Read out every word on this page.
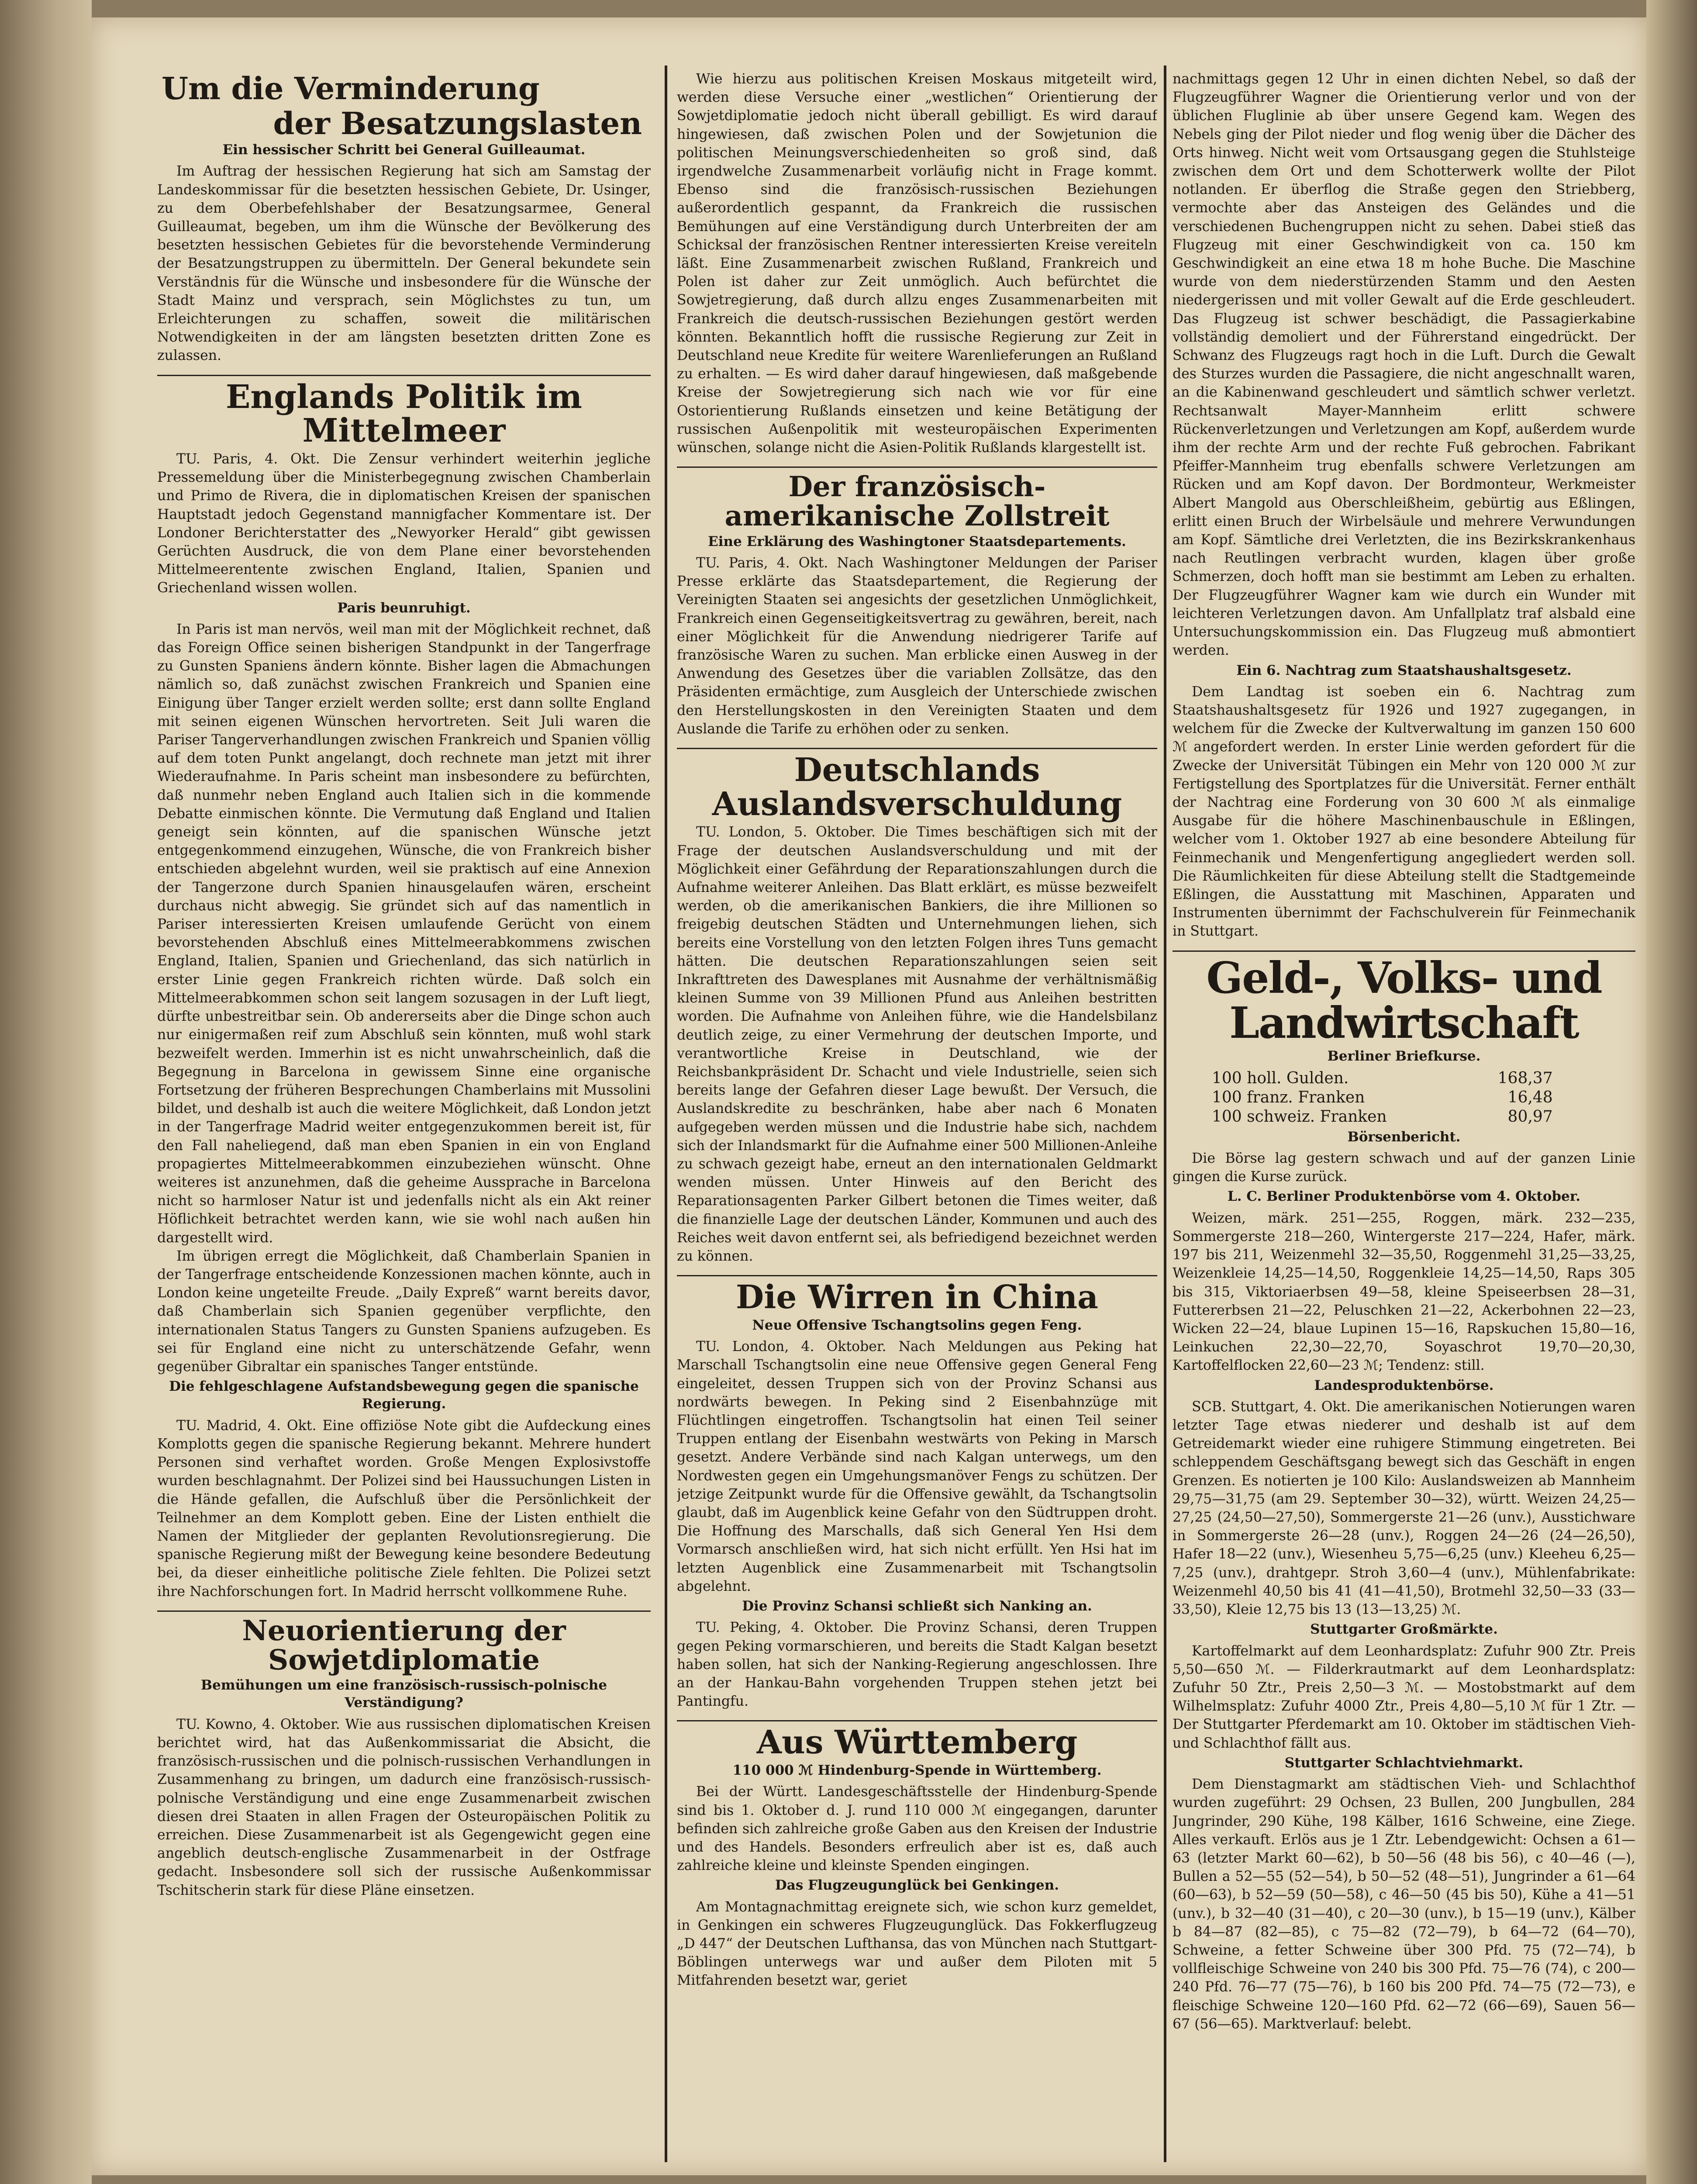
Um die Verminderung
der Besatzungslasten
Ein hessischer Schritt bei General Guilleaumat.

Im Auftrag der hessischen Regierung hat sich am Samstag der Landeskommissar für die besetzten hessischen Gebiete, Dr. Usinger, zu dem Oberbefehlshaber der Besatzungsarmee, General Guilleaumat, begeben, um ihm die Wünsche der Bevölkerung des besetzten hessischen Gebietes für die bevorstehende Verminderung der Besatzungstruppen zu übermitteln. Der General bekundete sein Verständnis für die Wünsche und insbesondere für die Wünsche der Stadt Mainz und versprach, sein Möglichstes zu tun, um Erleichterungen zu schaffen, soweit die militärischen Notwendigkeiten in der am längsten besetzten dritten Zone es zulassen.

Englands Politik im Mittelmeer

TU. Paris, 4. Okt. Die Zensur verhindert weiterhin jegliche Pressemeldung über die Ministerbegegnung zwischen Chamberlain und Primo de Rivera, die in diplomatischen Kreisen der spanischen Hauptstadt jedoch Gegenstand mannigfacher Kommentare ist. Der Londoner Berichterstatter des „Newyorker Herald“ gibt gewissen Gerüchten Ausdruck, die von dem Plane einer bevorstehenden Mittelmeerentente zwischen England, Italien, Spanien und Griechenland wissen wollen.

Paris beunruhigt.

In Paris ist man nervös, weil man mit der Möglichkeit rechnet, daß das Foreign Office seinen bisherigen Standpunkt in der Tangerfrage zu Gunsten Spaniens ändern könnte. Bisher lagen die Abmachungen nämlich so, daß zunächst zwischen Frankreich und Spanien eine Einigung über Tanger erzielt werden sollte; erst dann sollte England mit seinen eigenen Wünschen hervortreten. Seit Juli waren die Pariser Tangerverhandlungen zwischen Frankreich und Spanien völlig auf dem toten Punkt angelangt, doch rechnete man jetzt mit ihrer Wiederaufnahme. In Paris scheint man insbesondere zu befürchten, daß nunmehr neben England auch Italien sich in die kommende Debatte einmischen könnte. Die Vermutung daß England und Italien geneigt sein könnten, auf die spanischen Wünsche jetzt entgegenkommend einzugehen, Wünsche, die von Frankreich bisher entschieden abgelehnt wurden, weil sie praktisch auf eine Annexion der Tangerzone durch Spanien hinausgelaufen wären, erscheint durchaus nicht abwegig. Sie gründet sich auf das namentlich in Pariser interessierten Kreisen umlaufende Gerücht von einem bevorstehenden Abschluß eines Mittelmeerabkommens zwischen England, Italien, Spanien und Griechenland, das sich natürlich in erster Linie gegen Frankreich richten würde. Daß solch ein Mittelmeerabkommen schon seit langem sozusagen in der Luft liegt, dürfte unbestreitbar sein. Ob andererseits aber die Dinge schon auch nur einigermaßen reif zum Abschluß sein könnten, muß wohl stark bezweifelt werden. Immerhin ist es nicht unwahrscheinlich, daß die Begegnung in Barcelona in gewissem Sinne eine organische Fortsetzung der früheren Besprechungen Chamberlains mit Mussolini bildet, und deshalb ist auch die weitere Möglichkeit, daß London jetzt in der Tangerfrage Madrid weiter entgegenzukommen bereit ist, für den Fall naheliegend, daß man eben Spanien in ein von England propagiertes Mittelmeerabkommen einzubeziehen wünscht. Ohne weiteres ist anzunehmen, daß die geheime Aussprache in Barcelona nicht so harmloser Natur ist und jedenfalls nicht als ein Akt reiner Höflichkeit betrachtet werden kann, wie sie wohl nach außen hin dargestellt wird.

Im übrigen erregt die Möglichkeit, daß Chamberlain Spanien in der Tangerfrage entscheidende Konzessionen machen könnte, auch in London keine ungeteilte Freude. „Daily Expreß“ warnt bereits davor, daß Chamberlain sich Spanien gegenüber verpflichte, den internationalen Status Tangers zu Gunsten Spaniens aufzugeben. Es sei für England eine nicht zu unterschätzende Gefahr, wenn gegenüber Gibraltar ein spanisches Tanger entstünde.

Die fehlgeschlagene Aufstandsbewegung gegen die spanische Regierung.

TU. Madrid, 4. Okt. Eine offiziöse Note gibt die Aufdeckung eines Komplotts gegen die spanische Regierung bekannt. Mehrere hundert Personen sind verhaftet worden. Große Mengen Explosivstoffe wurden beschlagnahmt. Der Polizei sind bei Haussuchungen Listen in die Hände gefallen, die Aufschluß über die Persönlichkeit der Teilnehmer an dem Komplott geben. Eine der Listen enthielt die Namen der Mitglieder der geplanten Revolutionsregierung. Die spanische Regierung mißt der Bewegung keine besondere Bedeutung bei, da dieser einheitliche politische Ziele fehlten. Die Polizei setzt ihre Nachforschungen fort. In Madrid herrscht vollkommene Ruhe.

Neuorientierung der Sowjetdiplomatie
Bemühungen um eine französisch-russisch-polnische Verständigung?

TU. Kowno, 4. Oktober. Wie aus russischen diplomatischen Kreisen berichtet wird, hat das Außenkommissariat die Absicht, die französisch-russischen und die polnisch-russischen Verhandlungen in Zusammenhang zu bringen, um dadurch eine französisch-russisch-polnische Verständigung und eine enge Zusammenarbeit zwischen diesen drei Staaten in allen Fragen der Osteuropäischen Politik zu erreichen. Diese Zusammenarbeit ist als Gegengewicht gegen eine angeblich deutsch-englische Zusammenarbeit in der Ostfrage gedacht. Insbesondere soll sich der russische Außenkommissar Tschitscherin stark für diese Pläne einsetzen.

Wie hierzu aus politischen Kreisen Moskaus mitgeteilt wird, werden diese Versuche einer „westlichen“ Orientierung der Sowjetdiplomatie jedoch nicht überall gebilligt. Es wird darauf hingewiesen, daß zwischen Polen und der Sowjetunion die politischen Meinungsverschiedenheiten so groß sind, daß irgendwelche Zusammenarbeit vorläufig nicht in Frage kommt. Ebenso sind die französisch-russischen Beziehungen außerordentlich gespannt, da Frankreich die russischen Bemühungen auf eine Verständigung durch Unterbreiten der am Schicksal der französischen Rentner interessierten Kreise vereiteln läßt. Eine Zusammenarbeit zwischen Rußland, Frankreich und Polen ist daher zur Zeit unmöglich. Auch befürchtet die Sowjetregierung, daß durch allzu enges Zusammenarbeiten mit Frankreich die deutsch-russischen Beziehungen gestört werden könnten. Bekanntlich hofft die russische Regierung zur Zeit in Deutschland neue Kredite für weitere Warenlieferungen an Rußland zu erhalten. — Es wird daher darauf hingewiesen, daß maßgebende Kreise der Sowjetregierung sich nach wie vor für eine Ostorientierung Rußlands einsetzen und keine Betätigung der russischen Außenpolitik mit westeuropäischen Experimenten wünschen, solange nicht die Asien-Politik Rußlands klargestellt ist.

Der französisch-amerikanische Zollstreit
Eine Erklärung des Washingtoner Staatsdepartements.

TU. Paris, 4. Okt. Nach Washingtoner Meldungen der Pariser Presse erklärte das Staatsdepartement, die Regierung der Vereinigten Staaten sei angesichts der gesetzlichen Unmöglichkeit, Frankreich einen Gegenseitigkeitsvertrag zu gewähren, bereit, nach einer Möglichkeit für die Anwendung niedrigerer Tarife auf französische Waren zu suchen. Man erblicke einen Ausweg in der Anwendung des Gesetzes über die variablen Zollsätze, das den Präsidenten ermächtige, zum Ausgleich der Unterschiede zwischen den Herstellungskosten in den Vereinigten Staaten und dem Auslande die Tarife zu erhöhen oder zu senken.

Deutschlands Auslandsverschuldung

TU. London, 5. Oktober. Die Times beschäftigen sich mit der Frage der deutschen Auslandsverschuldung und mit der Möglichkeit einer Gefährdung der Reparationszahlungen durch die Aufnahme weiterer Anleihen. Das Blatt erklärt, es müsse bezweifelt werden, ob die amerikanischen Bankiers, die ihre Millionen so freigebig deutschen Städten und Unternehmungen liehen, sich bereits eine Vorstellung von den letzten Folgen ihres Tuns gemacht hätten. Die deutschen Reparationszahlungen seien seit Inkrafttreten des Dawesplanes mit Ausnahme der verhältnismäßig kleinen Summe von 39 Millionen Pfund aus Anleihen bestritten worden. Die Aufnahme von Anleihen führe, wie die Handelsbilanz deutlich zeige, zu einer Vermehrung der deutschen Importe, und verantwortliche Kreise in Deutschland, wie der Reichsbankpräsident Dr. Schacht und viele Industrielle, seien sich bereits lange der Gefahren dieser Lage bewußt. Der Versuch, die Auslandskredite zu beschränken, habe aber nach 6 Monaten aufgegeben werden müssen und die Industrie habe sich, nachdem sich der Inlandsmarkt für die Aufnahme einer 500 Millionen-Anleihe zu schwach gezeigt habe, erneut an den internationalen Geldmarkt wenden müssen. Unter Hinweis auf den Bericht des Reparationsagenten Parker Gilbert betonen die Times weiter, daß die finanzielle Lage der deutschen Länder, Kommunen und auch des Reiches weit davon entfernt sei, als befriedigend bezeichnet werden zu können.

Die Wirren in China
Neue Offensive Tschangtsolins gegen Feng.

TU. London, 4. Oktober. Nach Meldungen aus Peking hat Marschall Tschangtsolin eine neue Offensive gegen General Feng eingeleitet, dessen Truppen sich von der Provinz Schansi aus nordwärts bewegen. In Peking sind 2 Eisenbahnzüge mit Flüchtlingen eingetroffen. Tschangtsolin hat einen Teil seiner Truppen entlang der Eisenbahn westwärts von Peking in Marsch gesetzt. Andere Verbände sind nach Kalgan unterwegs, um den Nordwesten gegen ein Umgehungsmanöver Fengs zu schützen. Der jetzige Zeitpunkt wurde für die Offensive gewählt, da Tschangtsolin glaubt, daß im Augenblick keine Gefahr von den Südtruppen droht. Die Hoffnung des Marschalls, daß sich General Yen Hsi dem Vormarsch anschließen wird, hat sich nicht erfüllt. Yen Hsi hat im letzten Augenblick eine Zusammenarbeit mit Tschangtsolin abgelehnt.

Die Provinz Schansi schließt sich Nanking an.

TU. Peking, 4. Oktober. Die Provinz Schansi, deren Truppen gegen Peking vormarschieren, und bereits die Stadt Kalgan besetzt haben sollen, hat sich der Nanking-Regierung angeschlossen. Ihre an der Hankau-Bahn vorgehenden Truppen stehen jetzt bei Pantingfu.

Aus Württemberg
110 000 ℳ Hindenburg-Spende in Württemberg.

Bei der Württ. Landesgeschäftsstelle der Hindenburg-Spende sind bis 1. Oktober d. J. rund 110 000 ℳ eingegangen, darunter befinden sich zahlreiche große Gaben aus den Kreisen der Industrie und des Handels. Besonders erfreulich aber ist es, daß auch zahlreiche kleine und kleinste Spenden eingingen.

Das Flugzeugunglück bei Genkingen.

Am Montagnachmittag ereignete sich, wie schon kurz gemeldet, in Genkingen ein schweres Flugzeugunglück. Das Fokkerflugzeug „D 447“ der Deutschen Lufthansa, das von München nach Stuttgart-Böblingen unterwegs war und außer dem Piloten mit 5 Mitfahrenden besetzt war, geriet

nachmittags gegen 12 Uhr in einen dichten Nebel, so daß der Flugzeugführer Wagner die Orientierung verlor und von der üblichen Fluglinie ab über unsere Gegend kam. Wegen des Nebels ging der Pilot nieder und flog wenig über die Dächer des Orts hinweg. Nicht weit vom Ortsausgang gegen die Stuhlsteige zwischen dem Ort und dem Schotterwerk wollte der Pilot notlanden. Er überflog die Straße gegen den Striebberg, vermochte aber das Ansteigen des Geländes und die verschiedenen Buchengruppen nicht zu sehen. Dabei stieß das Flugzeug mit einer Geschwindigkeit von ca. 150 km Geschwindigkeit an eine etwa 18 m hohe Buche. Die Maschine wurde von dem niederstürzenden Stamm und den Aesten niedergerissen und mit voller Gewalt auf die Erde geschleudert. Das Flugzeug ist schwer beschädigt, die Passagierkabine vollständig demoliert und der Führerstand eingedrückt. Der Schwanz des Flugzeugs ragt hoch in die Luft. Durch die Gewalt des Sturzes wurden die Passagiere, die nicht angeschnallt waren, an die Kabinenwand geschleudert und sämtlich schwer verletzt. Rechtsanwalt Mayer-Mannheim erlitt schwere Rückenverletzungen und Verletzungen am Kopf, außerdem wurde ihm der rechte Arm und der rechte Fuß gebrochen. Fabrikant Pfeiffer-Mannheim trug ebenfalls schwere Verletzungen am Rücken und am Kopf davon. Der Bordmonteur, Werkmeister Albert Mangold aus Oberschleißheim, gebürtig aus Eßlingen, erlitt einen Bruch der Wirbelsäule und mehrere Verwundungen am Kopf. Sämtliche drei Verletzten, die ins Bezirkskrankenhaus nach Reutlingen verbracht wurden, klagen über große Schmerzen, doch hofft man sie bestimmt am Leben zu erhalten. Der Flugzeugführer Wagner kam wie durch ein Wunder mit leichteren Verletzungen davon. Am Unfallplatz traf alsbald eine Untersuchungskommission ein. Das Flugzeug muß abmontiert werden.

Ein 6. Nachtrag zum Staatshaushaltsgesetz.

Dem Landtag ist soeben ein 6. Nachtrag zum Staatshaushaltsgesetz für 1926 und 1927 zugegangen, in welchem für die Zwecke der Kultverwaltung im ganzen 150 600 ℳ angefordert werden. In erster Linie werden gefordert für die Zwecke der Universität Tübingen ein Mehr von 120 000 ℳ zur Fertigstellung des Sportplatzes für die Universität. Ferner enthält der Nachtrag eine Forderung von 30 600 ℳ als einmalige Ausgabe für die höhere Maschinenbauschule in Eßlingen, welcher vom 1. Oktober 1927 ab eine besondere Abteilung für Feinmechanik und Mengenfertigung angegliedert werden soll. Die Räumlichkeiten für diese Abteilung stellt die Stadtgemeinde Eßlingen, die Ausstattung mit Maschinen, Apparaten und Instrumenten übernimmt der Fachschulverein für Feinmechanik in Stuttgart.

Geld-, Volks- und Landwirtschaft
Berliner Briefkurse.
100 holl. Gulden.	168,37
100 franz. Franken	16,48
100 schweiz. Franken	80,97
Börsenbericht.

Die Börse lag gestern schwach und auf der ganzen Linie gingen die Kurse zurück.

L. C. Berliner Produktenbörse vom 4. Oktober.

Weizen, märk. 251—255, Roggen, märk. 232—235, Sommergerste 218—260, Wintergerste 217—224, Hafer, märk. 197 bis 211, Weizenmehl 32—35,50, Roggenmehl 31,25—33,25, Weizenkleie 14,25—14,50, Roggenkleie 14,25—14,50, Raps 305 bis 315, Viktoriaerbsen 49—58, kleine Speiseerbsen 28—31, Futtererbsen 21—22, Peluschken 21—22, Ackerbohnen 22—23, Wicken 22—24, blaue Lupinen 15—16, Rapskuchen 15,80—16, Leinkuchen 22,30—22,70, Soyaschrot 19,70—20,30, Kartoffelflocken 22,60—23 ℳ; Tendenz: still.

Landesproduktenbörse.

SCB. Stuttgart, 4. Okt. Die amerikanischen Notierungen waren letzter Tage etwas niederer und deshalb ist auf dem Getreidemarkt wieder eine ruhigere Stimmung eingetreten. Bei schleppendem Geschäftsgang bewegt sich das Geschäft in engen Grenzen. Es notierten je 100 Kilo: Auslandsweizen ab Mannheim 29,75—31,75 (am 29. September 30—32), württ. Weizen 24,25—27,25 (24,50—27,50), Sommergerste 21—26 (unv.), Ausstichware in Sommergerste 26—28 (unv.), Roggen 24—26 (24—26,50), Hafer 18—22 (unv.), Wiesenheu 5,75—6,25 (unv.) Kleeheu 6,25—7,25 (unv.), drahtgepr. Stroh 3,60—4 (unv.), Mühlenfabrikate: Weizenmehl 40,50 bis 41 (41—41,50), Brotmehl 32,50—33 (33—33,50), Kleie 12,75 bis 13 (13—13,25) ℳ.

Stuttgarter Großmärkte.

Kartoffelmarkt auf dem Leonhardsplatz: Zufuhr 900 Ztr. Preis 5,50—650 ℳ. — Filderkrautmarkt auf dem Leonhardsplatz: Zufuhr 50 Ztr., Preis 2,50—3 ℳ. — Mostobstmarkt auf dem Wilhelmsplatz: Zufuhr 4000 Ztr., Preis 4,80—5,10 ℳ für 1 Ztr. — Der Stuttgarter Pferdemarkt am 10. Oktober im städtischen Vieh- und Schlachthof fällt aus.

Stuttgarter Schlachtviehmarkt.

Dem Dienstagmarkt am städtischen Vieh- und Schlachthof wurden zugeführt: 29 Ochsen, 23 Bullen, 200 Jungbullen, 284 Jungrinder, 290 Kühe, 198 Kälber, 1616 Schweine, eine Ziege. Alles verkauft. Erlös aus je 1 Ztr. Lebendgewicht: Ochsen a 61—63 (letzter Markt 60—62), b 50—56 (48 bis 56), c 40—46 (—), Bullen a 52—55 (52—54), b 50—52 (48—51), Jungrinder a 61—64 (60—63), b 52—59 (50—58), c 46—50 (45 bis 50), Kühe a 41—51 (unv.), b 32—40 (31—40), c 20—30 (unv.), b 15—19 (unv.), Kälber b 84—87 (82—85), c 75—82 (72—79), b 64—72 (64—70), Schweine, a fetter Schweine über 300 Pfd. 75 (72—74), b vollfleischige Schweine von 240 bis 300 Pfd. 75—76 (74), c 200—240 Pfd. 76—77 (75—76), b 160 bis 200 Pfd. 74—75 (72—73), e fleischige Schweine 120—160 Pfd. 62—72 (66—69), Sauen 56—67 (56—65). Marktverlauf: belebt.
